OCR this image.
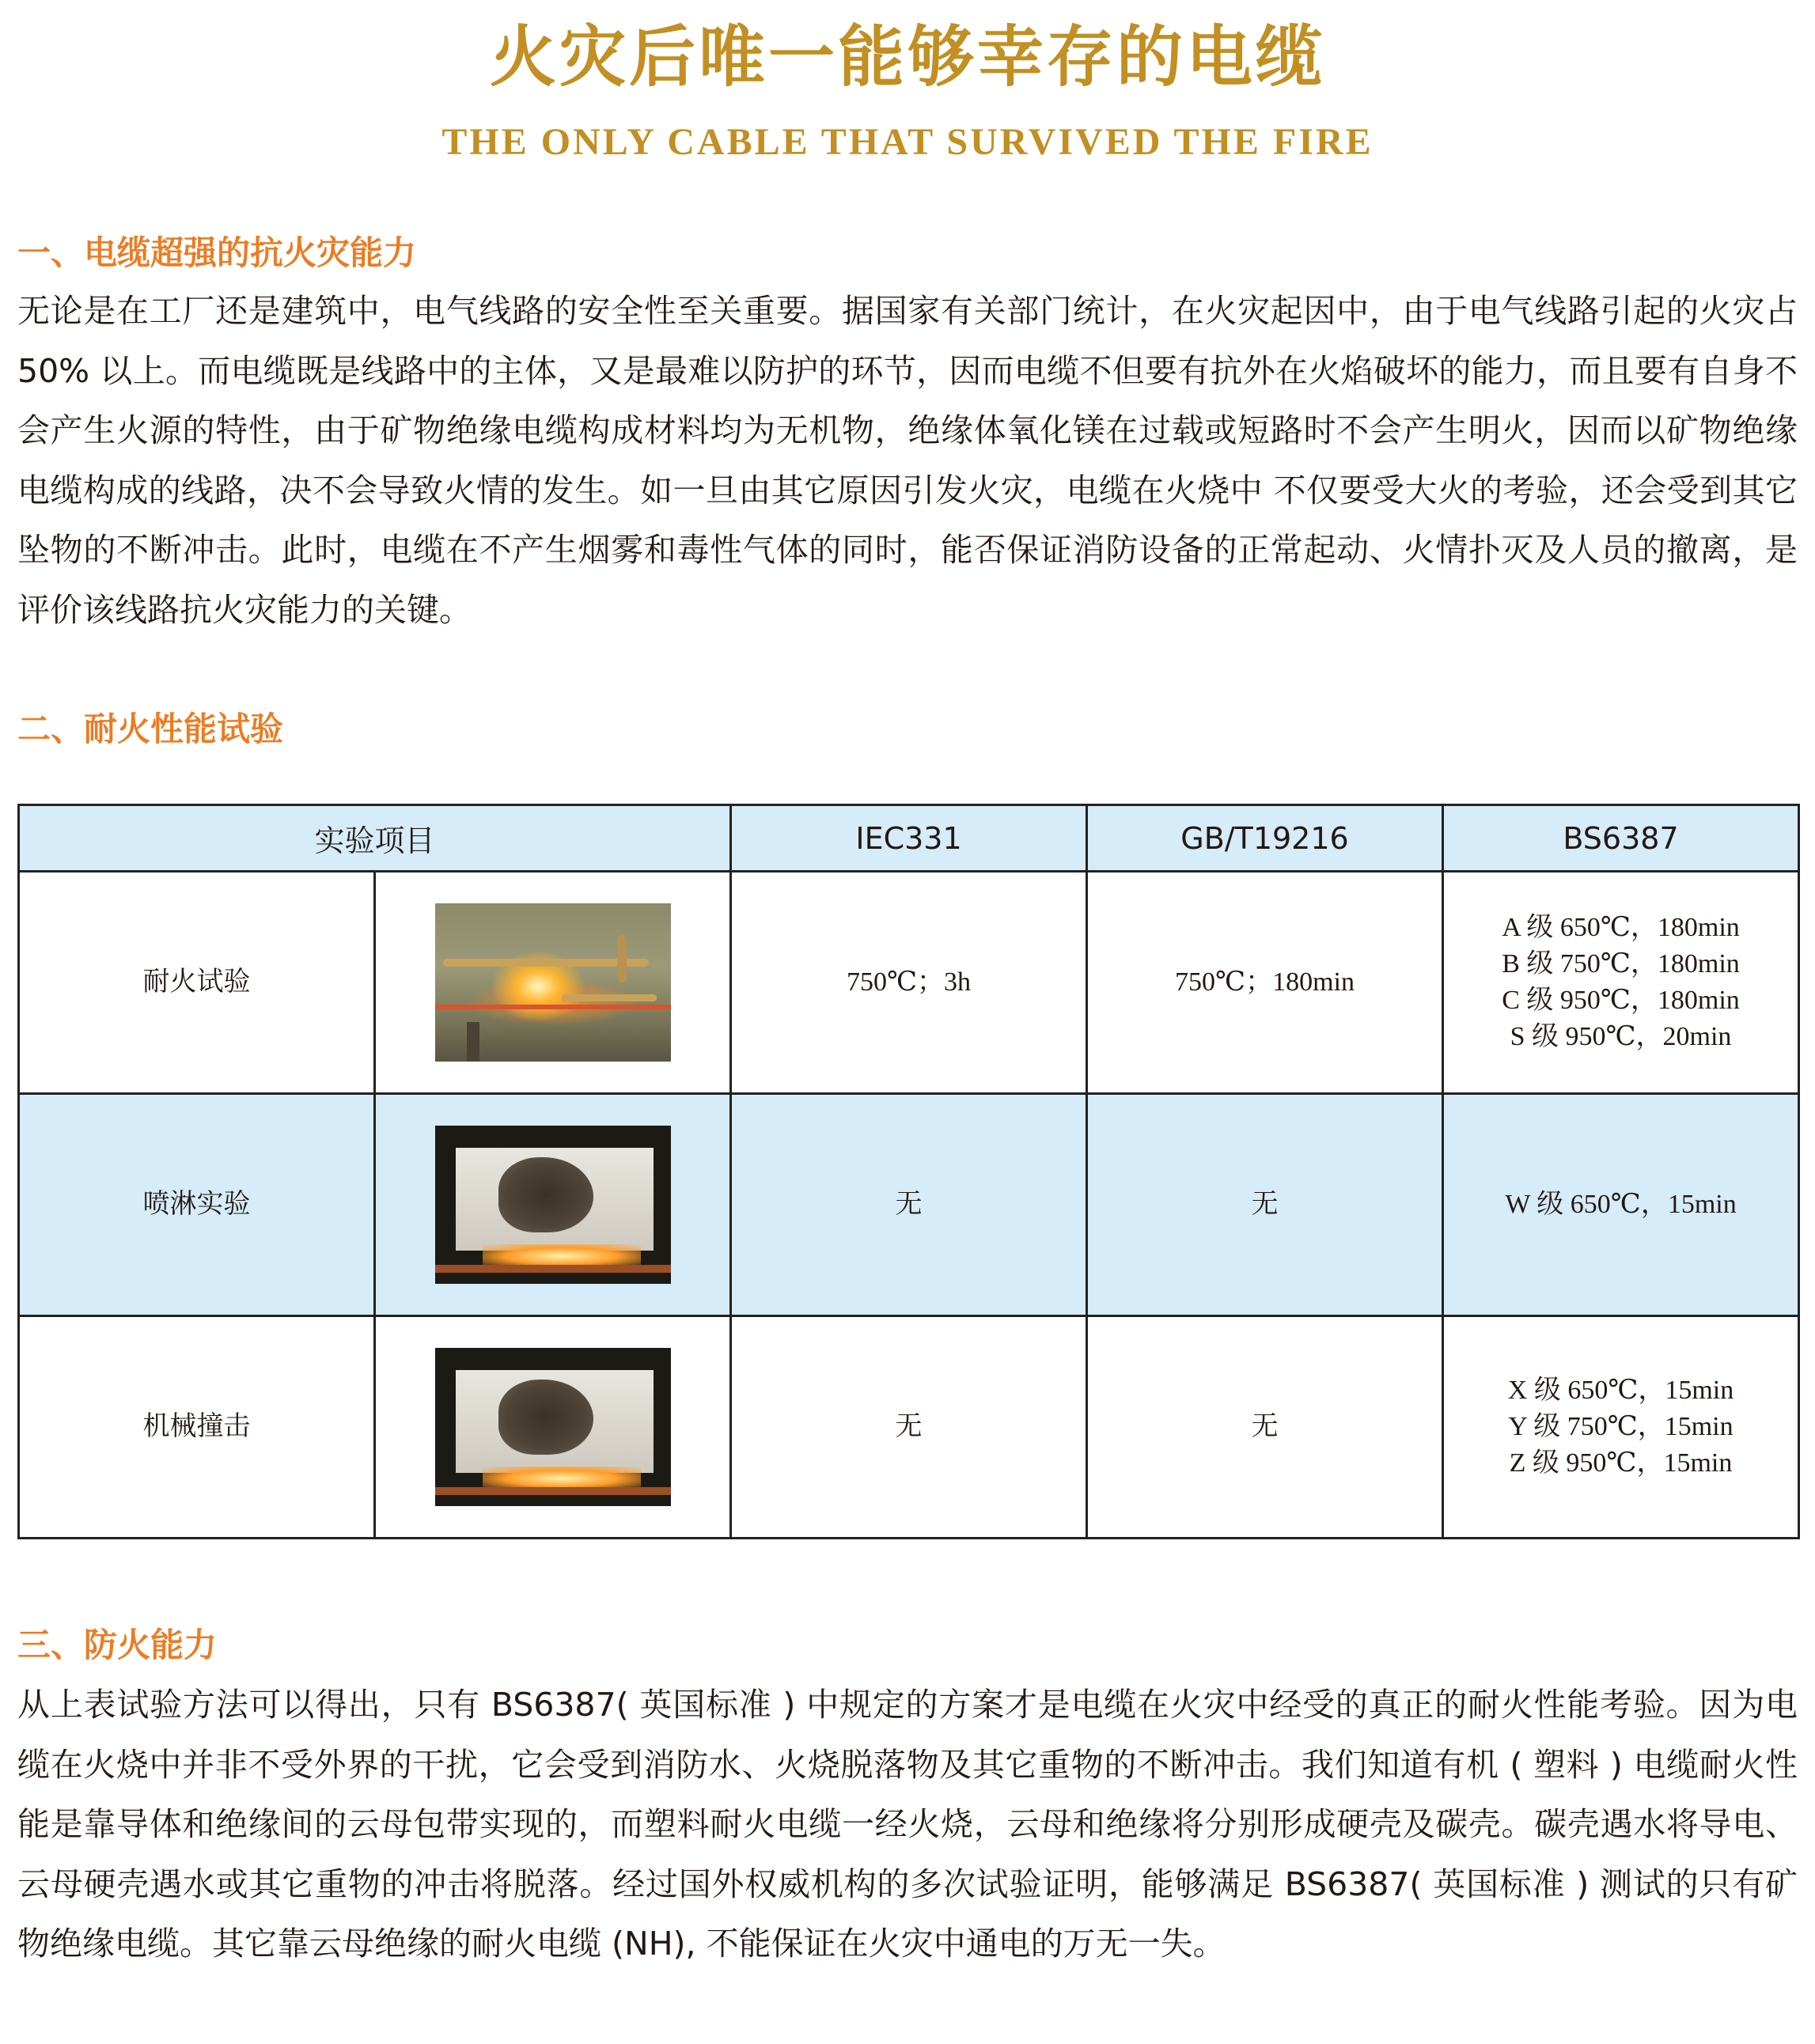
火灾后唯一能够幸存的电缆
THE ONLY CABLE THAT SURVIVED THE FIRE
一、电缆超强的抗火灾能力
无论是在工厂还是建筑中，电气线路的安全性至关重要。据国家有关部门统计，在火灾起因中，由于电气线路引起的火灾占 50% 以上。而电缆既是线路中的主体，又是最难以防护的环节，因而电缆不但要有抗外在火焰破坏的能力，而且要有自身不会产生火源的特性，由于矿物绝缘电缆构成材料均为无机物，绝缘体氧化镁在过载或短路时不会产生明火，因而以矿物绝缘电缆构成的线路，决不会导致火情的发生。如一旦由其它原因引发火灾，电缆在火烧中 不仅要受大火的考验，还会受到其它坠物的不断冲击。此时，电缆在不产生烟雾和毒性气体的同时，能否保证消防设备的正常起动、火情扑灭及人员的撤离，是评价该线路抗火灾能力的关键。
二、耐火性能试验
实验项目		IEC331	GB/T19216	BS6387
耐火试验		750℃；3h	750℃；180min	A 级 650℃，180min
B 级 750℃，180min
C 级 950℃，180min
S 级 950℃，20min

喷淋实验		无	无	W 级 650℃，15min

机械撞击		无	无	X 级 650℃，15min
Y 级 750℃，15min
Z 级 950℃，15min
三、防火能力
从上表试验方法可以得出，只有 BS6387( 英国标准 ) 中规定的方案才是电缆在火灾中经受的真正的耐火性能考验。因为电缆在火烧中并非不受外界的干扰，它会受到消防水、火烧脱落物及其它重物的不断冲击。我们知道有机 ( 塑料 ) 电缆耐火性能是靠导体和绝缘间的云母包带实现的，而塑料耐火电缆一经火烧，云母和绝缘将分别形成硬壳及碳壳。碳壳遇水将导电、云母硬壳遇水或其它重物的冲击将脱落。经过国外权威机构的多次试验证明，能够满足 BS6387( 英国标准 ) 测试的只有矿物绝缘电缆。其它靠云母绝缘的耐火电缆 (NH), 不能保证在火灾中通电的万无一失。
